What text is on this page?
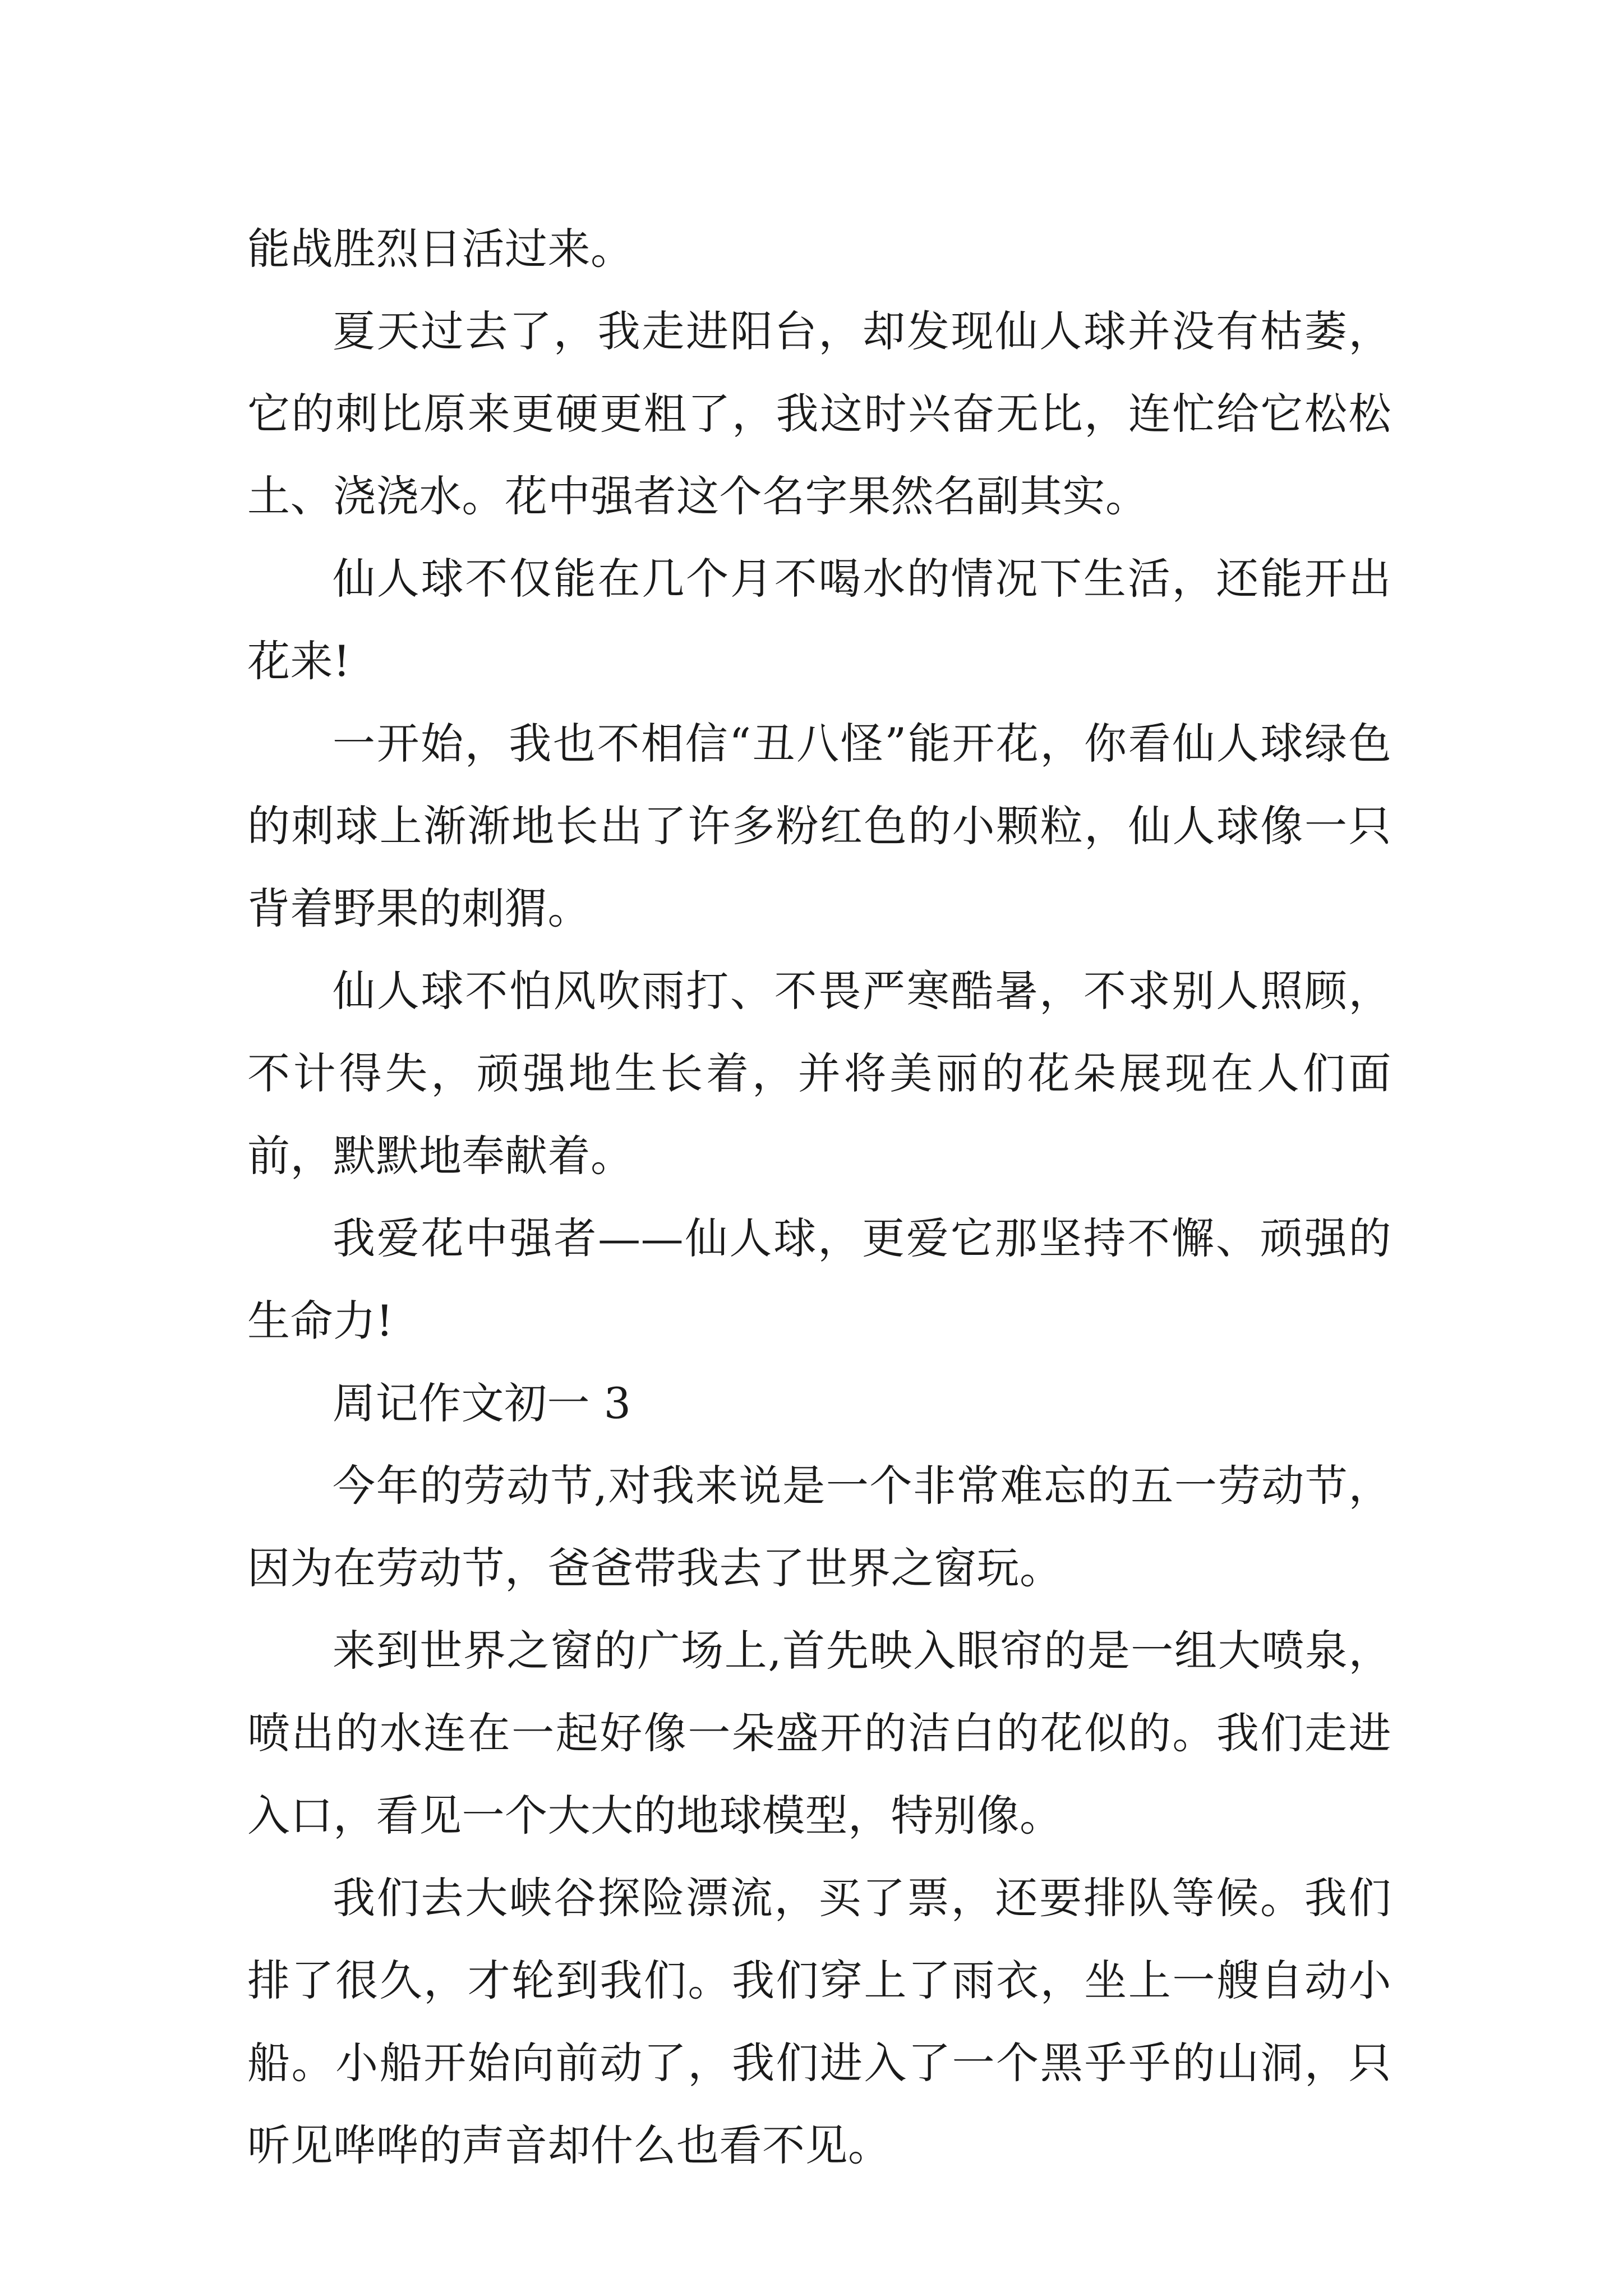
能战胜烈日活过来。

夏天过去了，我走进阳台，却发现仙人球并没有枯萎，它的刺比原来更硬更粗了，我这时兴奋无比，连忙给它松松土、浇浇水。花中强者这个名字果然名副其实。

仙人球不仅能在几个月不喝水的情况下生活，还能开出花来!

一开始，我也不相信“丑八怪”能开花，你看仙人球绿色的刺球上渐渐地长出了许多粉红色的小颗粒，仙人球像一只背着野果的刺猬。

仙人球不怕风吹雨打、不畏严寒酷暑，不求别人照顾，不计得失，顽强地生长着，并将美丽的花朵展现在人们面前，默默地奉献着。

我爱花中强者——仙人球，更爱它那坚持不懈、顽强的生命力!

周记作文初一 3

今年的劳动节,对我来说是一个非常难忘的五一劳动节，因为在劳动节，爸爸带我去了世界之窗玩。

来到世界之窗的广场上,首先映入眼帘的是一组大喷泉，喷出的水连在一起好像一朵盛开的洁白的花似的。我们走进入口，看见一个大大的地球模型，特别像。

我们去大峡谷探险漂流，买了票，还要排队等候。我们排了很久，才轮到我们。我们穿上了雨衣，坐上一艘自动小船。小船开始向前动了，我们进入了一个黑乎乎的山洞，只听见哗哗的声音却什么也看不见。
